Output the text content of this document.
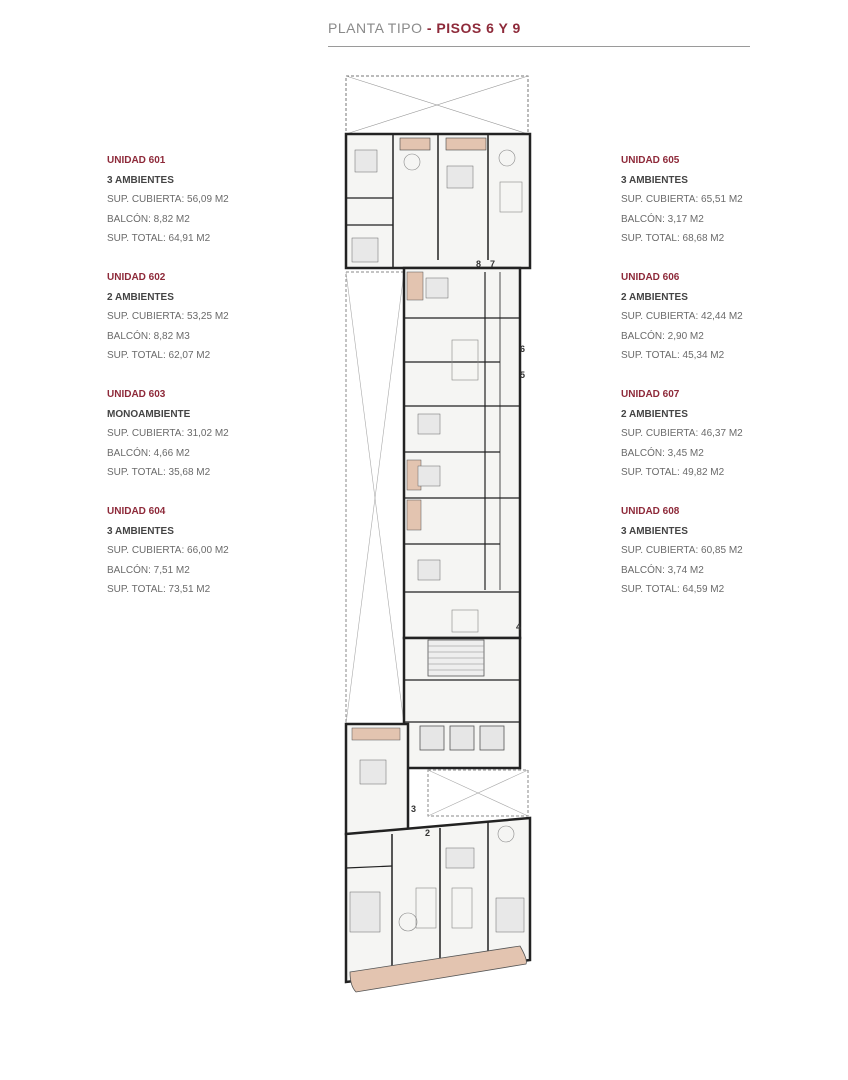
PLANTA TIPO - PISOS 6 Y 9
UNIDAD 601
3 AMBIENTES
SUP. CUBIERTA: 56,09 M2
BALCÓN: 8,82 M2
SUP. TOTAL: 64,91 M2
UNIDAD 602
2 AMBIENTES
SUP. CUBIERTA: 53,25 M2
BALCÓN: 8,82 M3
SUP. TOTAL: 62,07 M2
UNIDAD 603
MONOAMBIENTE
SUP. CUBIERTA: 31,02 M2
BALCÓN: 4,66 M2
SUP. TOTAL: 35,68 M2
UNIDAD 604
3 AMBIENTES
SUP. CUBIERTA: 66,00 M2
BALCÓN: 7,51 M2
SUP. TOTAL: 73,51 M2
UNIDAD 605
3 AMBIENTES
SUP. CUBIERTA: 65,51 M2
BALCÓN: 3,17 M2
SUP. TOTAL: 68,68 M2
UNIDAD 606
2 AMBIENTES
SUP. CUBIERTA: 42,44 M2
BALCÓN: 2,90 M2
SUP. TOTAL: 45,34 M2
UNIDAD 607
2 AMBIENTES
SUP. CUBIERTA: 46,37 M2
BALCÓN: 3,45 M2
SUP. TOTAL: 49,82 M2
UNIDAD 608
3 AMBIENTES
SUP. CUBIERTA: 60,85 M2
BALCÓN: 3,74 M2
SUP. TOTAL: 64,59 M2
8 7
6
5
4
3
2
